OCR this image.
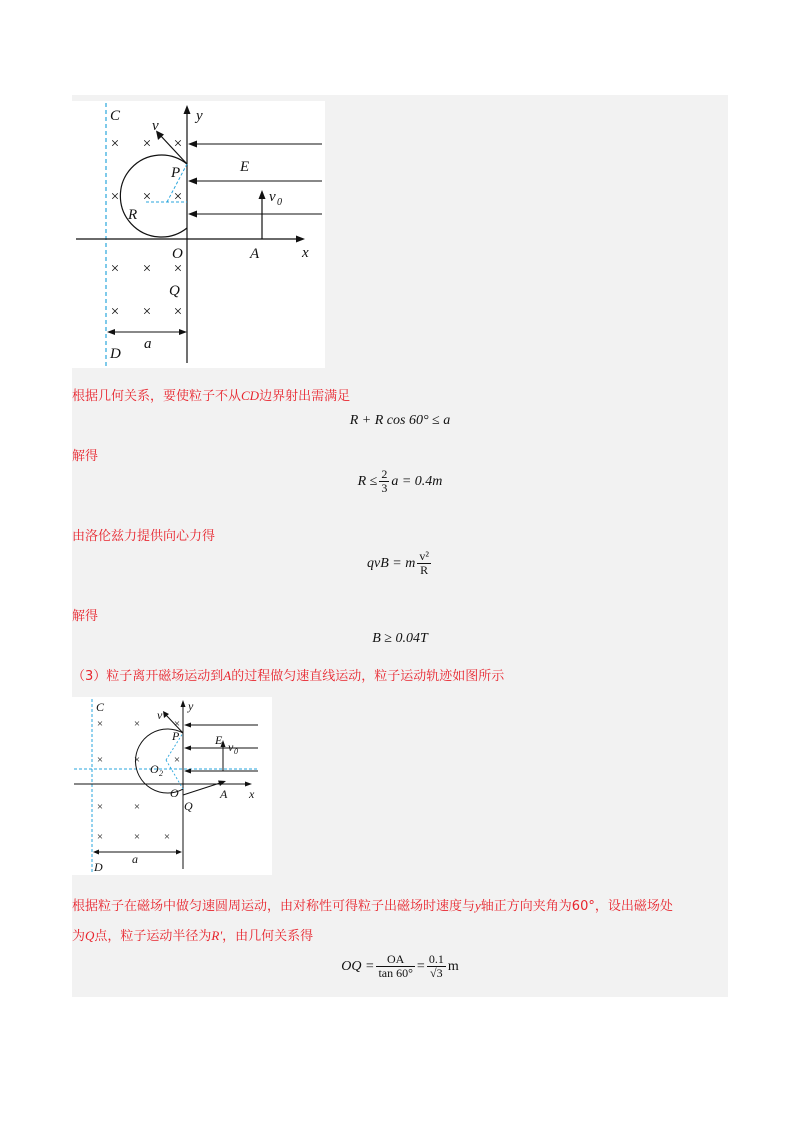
× × ×
× × ×
× × ×
× × ×
C
D
y
x
v
v 0
E
P
R
O	A
Q
a
根据几何关系，要使粒子不从CD边界射出需满足
R + R cos 60° ≤ a
解得
$R \le \frac{2}{3}$ a = 0.4m
由洛伦兹力提供向心力得
qvB = m $\frac{\text{v²}}{R}$
解得
B ≥ 0.04T
（3）粒子离开磁场运动到A的过程做匀速直线运动，粒子运动轨迹如图所示
×	×	×
×	×	×
×	×
×	× ×
C
D
y
x
v
v 0
E
P
O 2
O	A
Q
a
根据粒子在磁场中做匀速圆周运动，由对称性可得粒子出磁场时速度与y轴正方向夹角为60°，设出磁场处
为Q点，粒子运动半径为R'，由几何关系得
OQ = $\frac{OA}{\tan 60^\circ} = \frac{0.1}{√3}$ m
